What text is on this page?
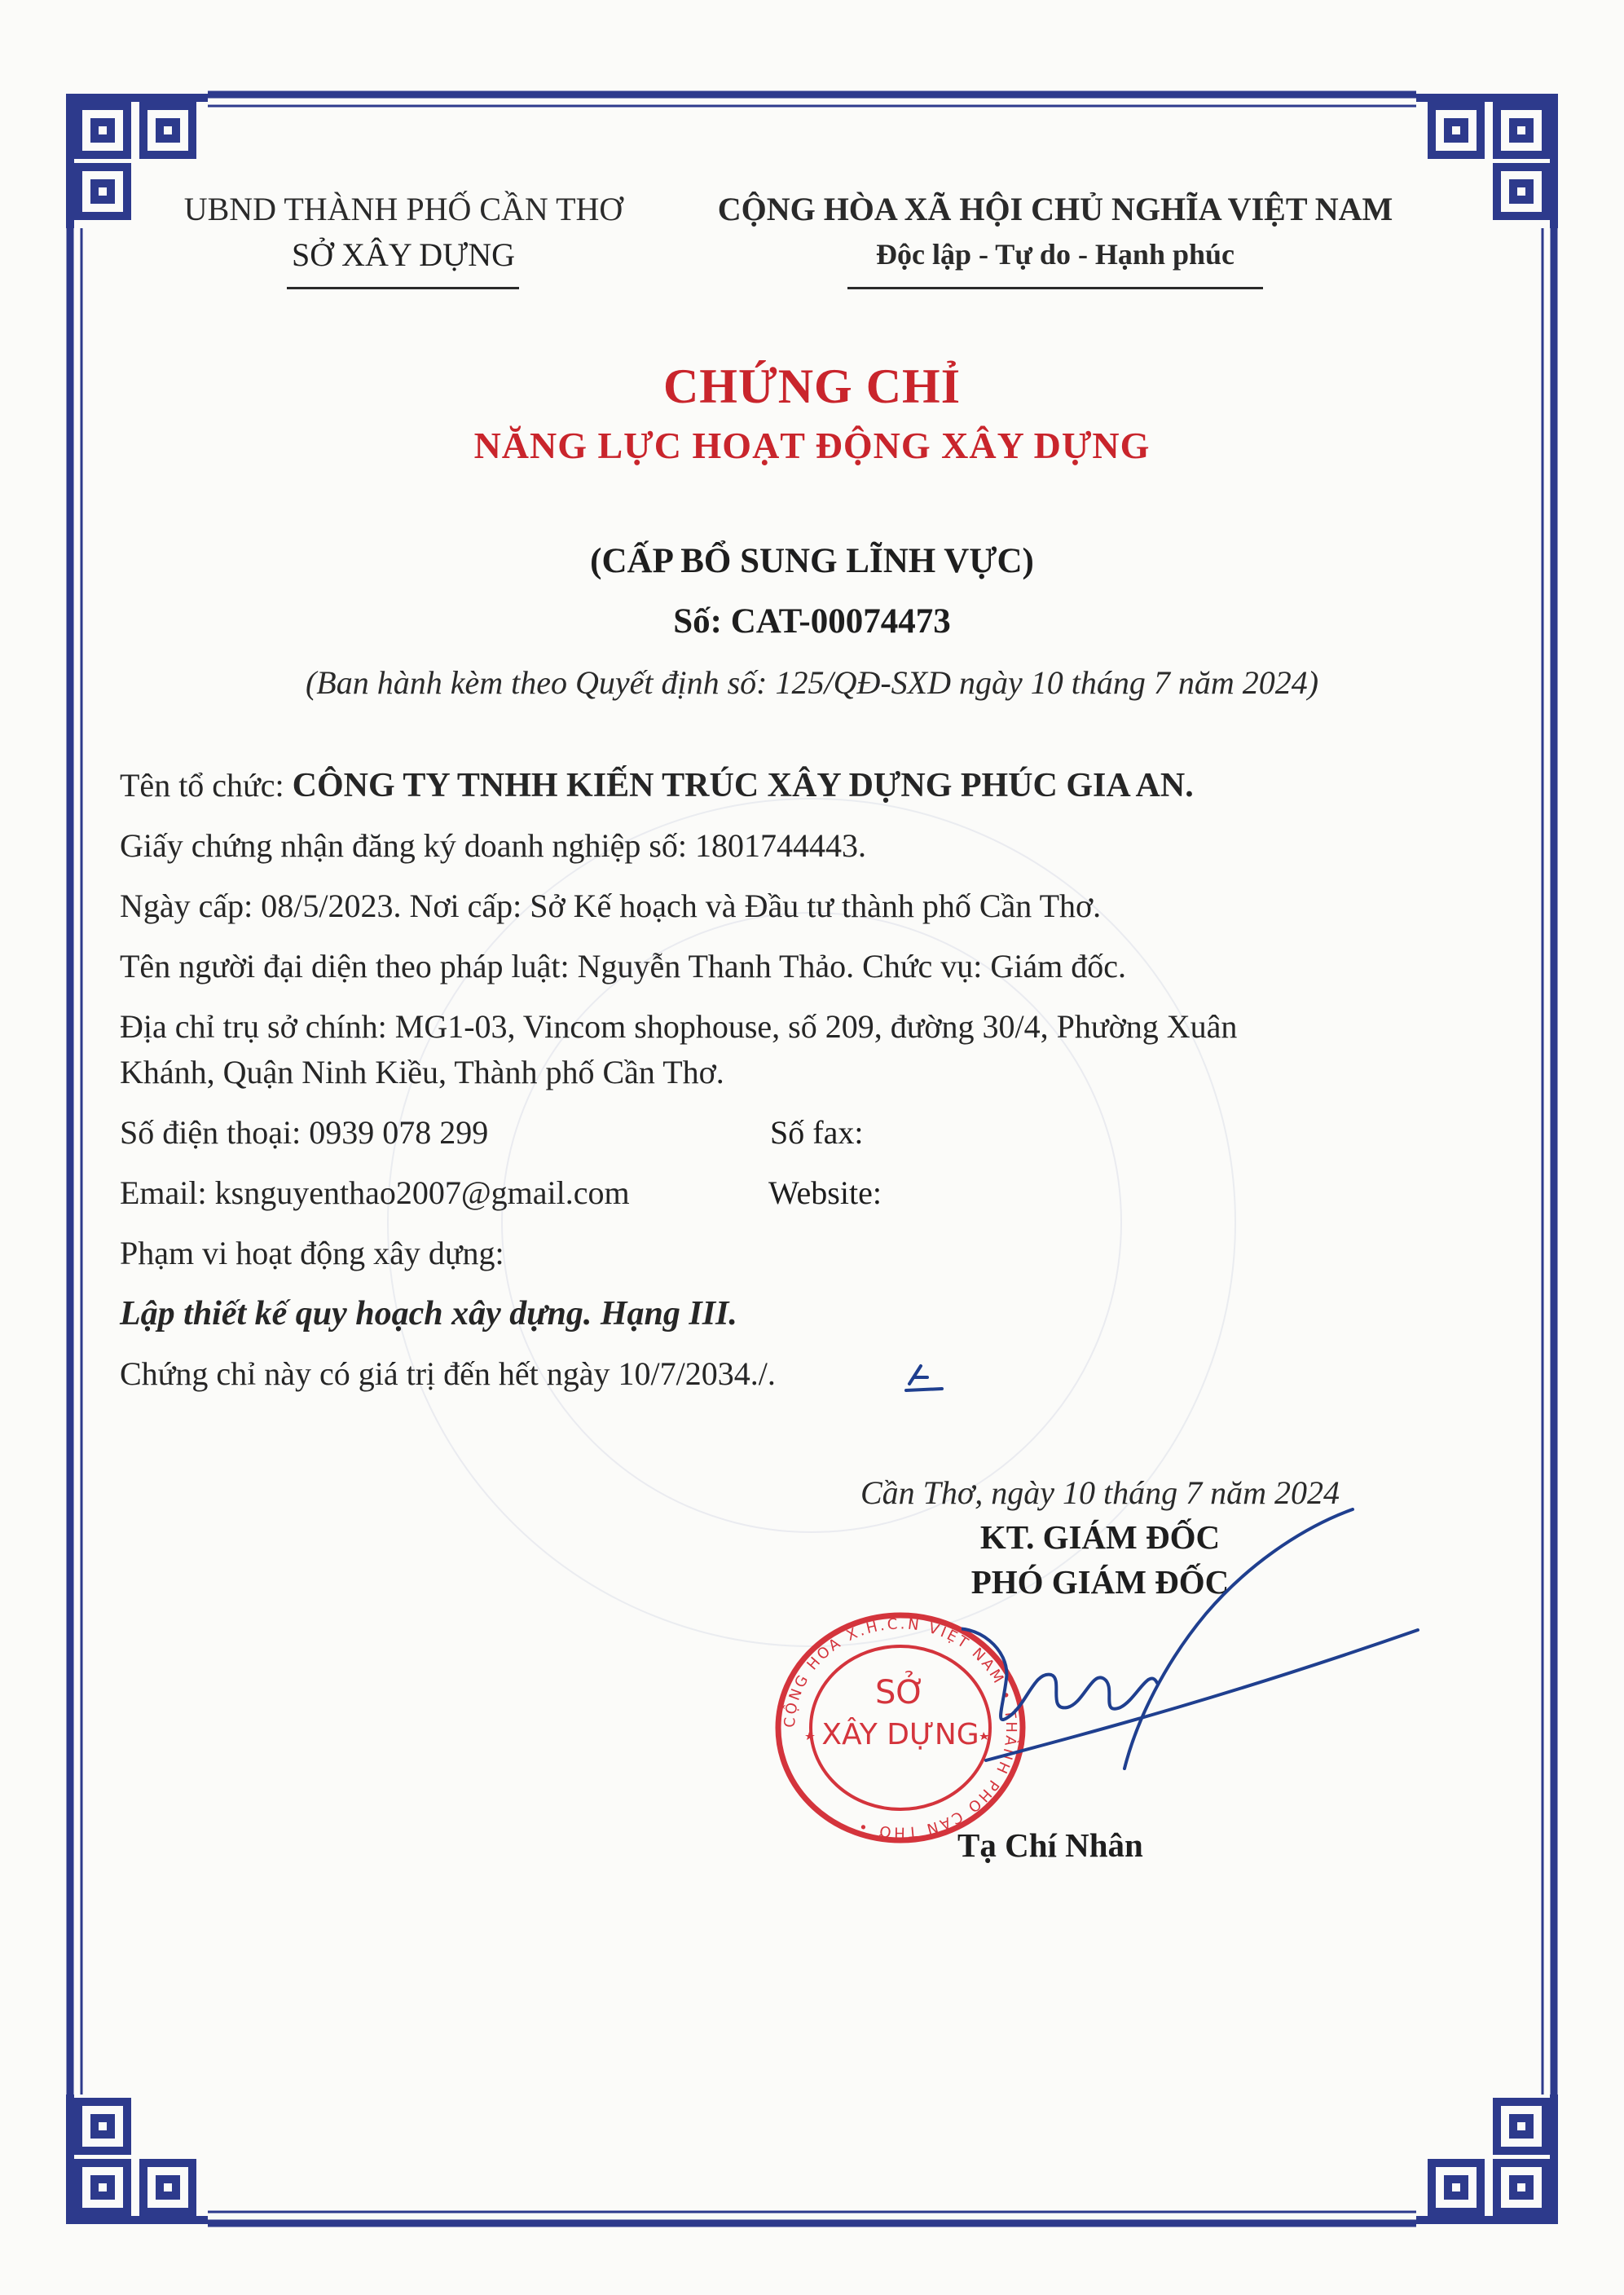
UBND THÀNH PHỐ CẦN THƠ
SỞ XÂY DỰNG
CỘNG HÒA XÃ HỘI CHỦ NGHĨA VIỆT NAM
Độc lập - Tự do - Hạnh phúc
CHỨNG CHỈ
NĂNG LỰC HOẠT ĐỘNG XÂY DỰNG
(CẤP BỔ SUNG LĨNH VỰC)
Số: CAT-00074473
(Ban hành kèm theo Quyết định số: 125/QĐ-SXD ngày 10 tháng 7 năm 2024)
Tên tổ chức: CÔNG TY TNHH KIẾN TRÚC XÂY DỰNG PHÚC GIA AN.
Giấy chứng nhận đăng ký doanh nghiệp số: 1801744443.
Ngày cấp: 08/5/2023. Nơi cấp: Sở Kế hoạch và Đầu tư thành phố Cần Thơ.
Tên người đại diện theo pháp luật: Nguyễn Thanh Thảo. Chức vụ: Giám đốc.
Địa chỉ trụ sở chính: MG1-03, Vincom shophouse, số 209, đường 30/4, Phường Xuân
Khánh, Quận Ninh Kiều, Thành phố Cần Thơ.
Số điện thoại: 0939 078 299	Số fax:
Email: ksnguyenthao2007@gmail.com	Website:
Phạm vi hoạt động xây dựng:
Lập thiết kế quy hoạch xây dựng. Hạng III.
Chứng chỉ này có giá trị đến hết ngày 10/7/2034./.
Cần Thơ, ngày 10 tháng 7 năm 2024
KT. GIÁM ĐỐC
PHÓ GIÁM ĐỐC
SỞ
XÂY DỰNG
CỘNG HÒA X.H.C.N VIỆT NAM • THÀNH PHỐ CẦN THƠ •
Tạ Chí Nhân
